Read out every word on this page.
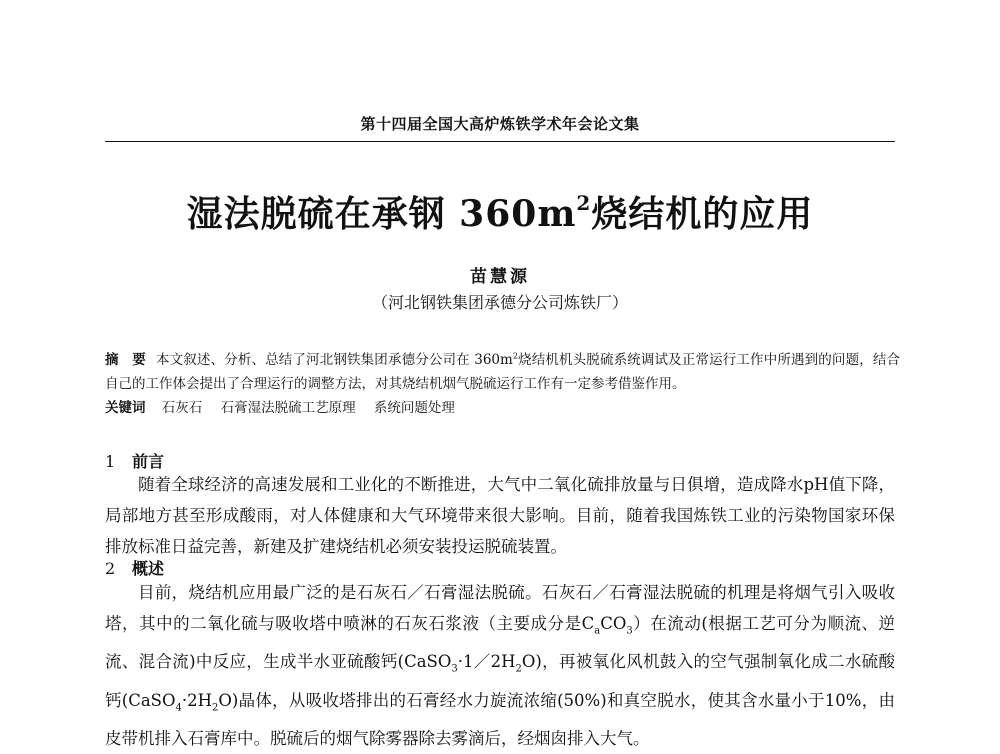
第十四届全国大高炉炼铁学术年会论文集
湿法脱硫在承钢 $360m^2$烧结机的应用
苗慧源
（河北钢铁集团承德分公司炼铁厂）
摘　要 本文叙述、分析、总结了河北钢铁集团承德分公司在 $360m^2$烧结机机头脱硫系统调试及正常运行工作中所遇到的问题，结合自己的工作体会提出了合理运行的调整方法，对其烧结机烟气脱硫运行工作有一定参考借鉴作用。
关键词 石灰石 石膏湿法脱硫工艺原理 系统问题处理
1 前言
随着全球经济的高速发展和工业化的不断推进，大气中二氧化硫排放量与日俱增，造成降水pH值下降，局部地方甚至形成酸雨，对人体健康和大气环境带来很大影响。目前，随着我国炼铁工业的污染物国家环保排放标准日益完善，新建及扩建烧结机必须安装投运脱硫装置。
2 概述
目前，烧结机应用最广泛的是石灰石／石膏湿法脱硫。石灰石／石膏湿法脱硫的机理是将烟气引入吸收塔，其中的二氧化硫与吸收塔中喷淋的石灰石浆液（主要成分是$C_aCO_3$）在流动(根据工艺可分为顺流、逆流、混合流)中反应，生成半水亚硫酸钙$(CaSO_3\cdot 1/2H_2O)$，再被氧化风机鼓入的空气强制氧化成二水硫酸钙$(CaSO_4\cdot 2H_2O)$晶体，从吸收塔排出的石膏经水力旋流浓缩(50%)和真空脱水，使其含水量小于10%，由皮带机排入石膏库中。脱硫后的烟气除雾器除去雾滴后，经烟囱排入大气。
